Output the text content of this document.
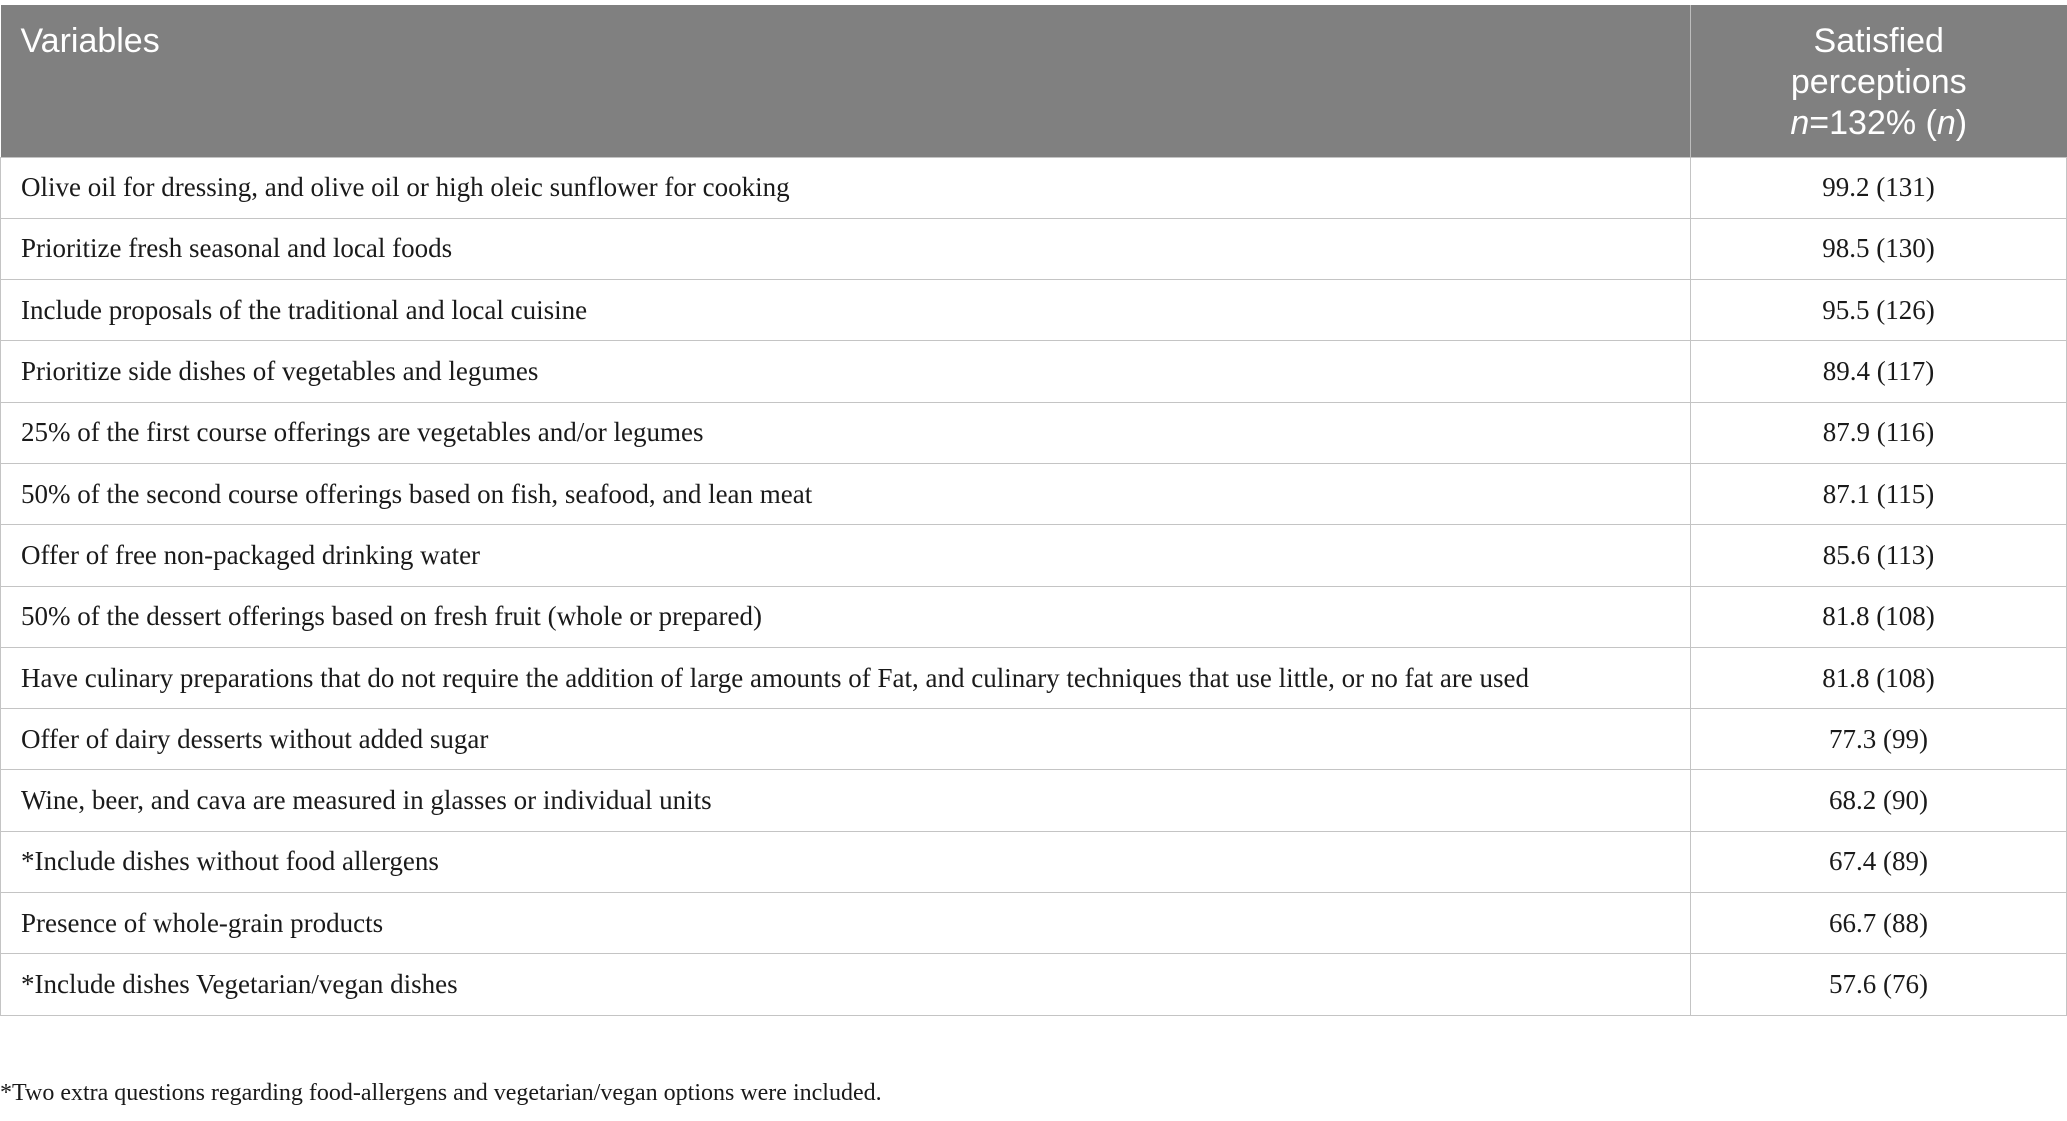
Variables	Satisfied
perceptions
n=132% (n)
Olive oil for dressing, and olive oil or high oleic sunflower for cooking	99.2 (131)
Prioritize fresh seasonal and local foods	98.5 (130)
Include proposals of the traditional and local cuisine	95.5 (126)
Prioritize side dishes of vegetables and legumes	89.4 (117)
25% of the first course offerings are vegetables and/or legumes	87.9 (116)
50% of the second course offerings based on fish, seafood, and lean meat	87.1 (115)
Offer of free non-packaged drinking water	85.6 (113)
50% of the dessert offerings based on fresh fruit (whole or prepared)	81.8 (108)
Have culinary preparations that do not require the addition of large amounts of Fat, and culinary techniques that use little, or no fat are used	81.8 (108)
Offer of dairy desserts without added sugar	77.3 (99)
Wine, beer, and cava are measured in glasses or individual units	68.2 (90)
*Include dishes without food allergens	67.4 (89)
Presence of whole-grain products	66.7 (88)
*Include dishes Vegetarian/vegan dishes	57.6 (76)
*Two extra questions regarding food-allergens and vegetarian/vegan options were included.
